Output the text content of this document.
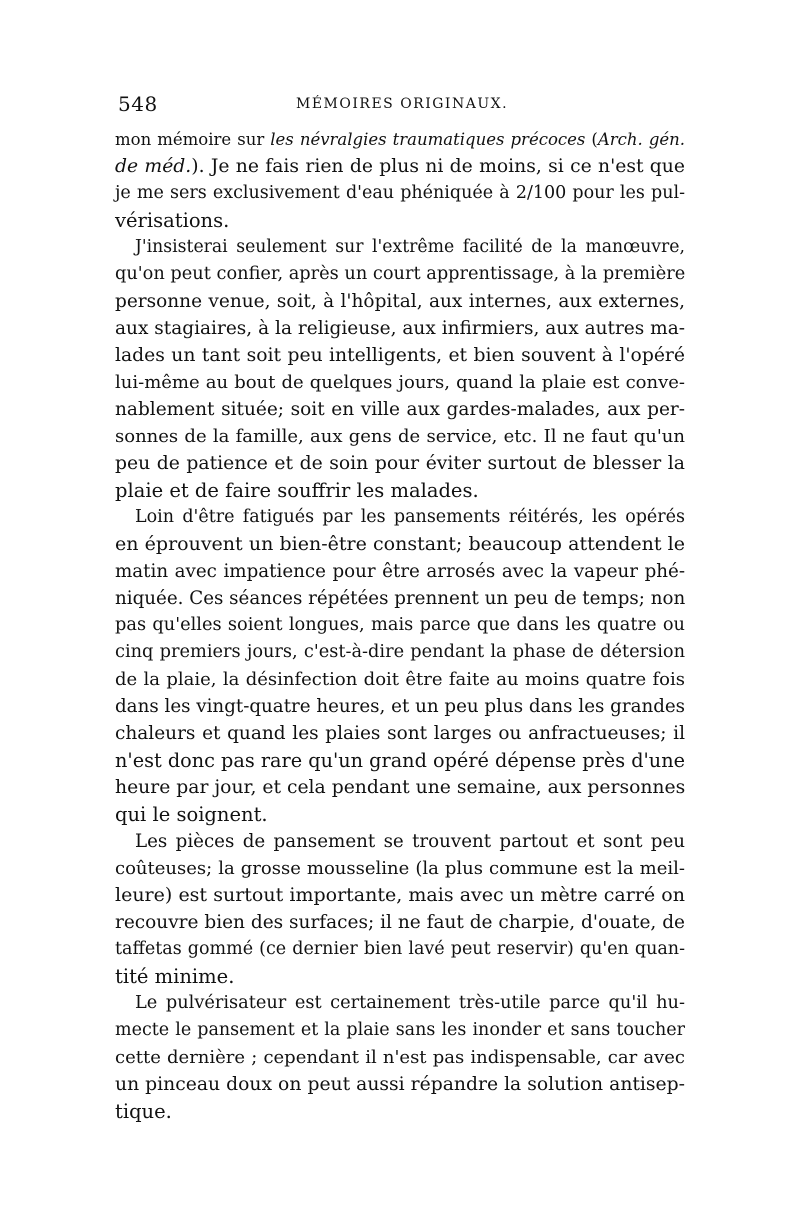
548	MÉMOIRES ORIGINAUX.
mon mémoire sur les névralgies traumatiques précoces (Arch. gén.
de méd.). Je ne fais rien de plus ni de moins, si ce n'est que
je me sers exclusivement d'eau phéniquée à 2/100 pour les pul-
vérisations.
J'insisterai seulement sur l'extrême facilité de la manœuvre,
qu'on peut confier, après un court apprentissage, à la première
personne venue, soit, à l'hôpital, aux internes, aux externes,
aux stagiaires, à la religieuse, aux infirmiers, aux autres ma-
lades un tant soit peu intelligents, et bien souvent à l'opéré
lui-même au bout de quelques jours, quand la plaie est conve-
nablement située; soit en ville aux gardes-malades, aux per-
sonnes de la famille, aux gens de service, etc. Il ne faut qu'un
peu de patience et de soin pour éviter surtout de blesser la
plaie et de faire souffrir les malades.
Loin d'être fatigués par les pansements réitérés, les opérés
en éprouvent un bien-être constant; beaucoup attendent le
matin avec impatience pour être arrosés avec la vapeur phé-
niquée. Ces séances répétées prennent un peu de temps; non
pas qu'elles soient longues, mais parce que dans les quatre ou
cinq premiers jours, c'est-à-dire pendant la phase de détersion
de la plaie, la désinfection doit être faite au moins quatre fois
dans les vingt-quatre heures, et un peu plus dans les grandes
chaleurs et quand les plaies sont larges ou anfractueuses; il
n'est donc pas rare qu'un grand opéré dépense près d'une
heure par jour, et cela pendant une semaine, aux personnes
qui le soignent.
Les pièces de pansement se trouvent partout et sont peu
coûteuses; la grosse mousseline (la plus commune est la meil-
leure) est surtout importante, mais avec un mètre carré on
recouvre bien des surfaces; il ne faut de charpie, d'ouate, de
taffetas gommé (ce dernier bien lavé peut reservir) qu'en quan-
tité minime.
Le pulvérisateur est certainement très-utile parce qu'il hu-
mecte le pansement et la plaie sans les inonder et sans toucher
cette dernière ; cependant il n'est pas indispensable, car avec
un pinceau doux on peut aussi répandre la solution antisep-
tique.
